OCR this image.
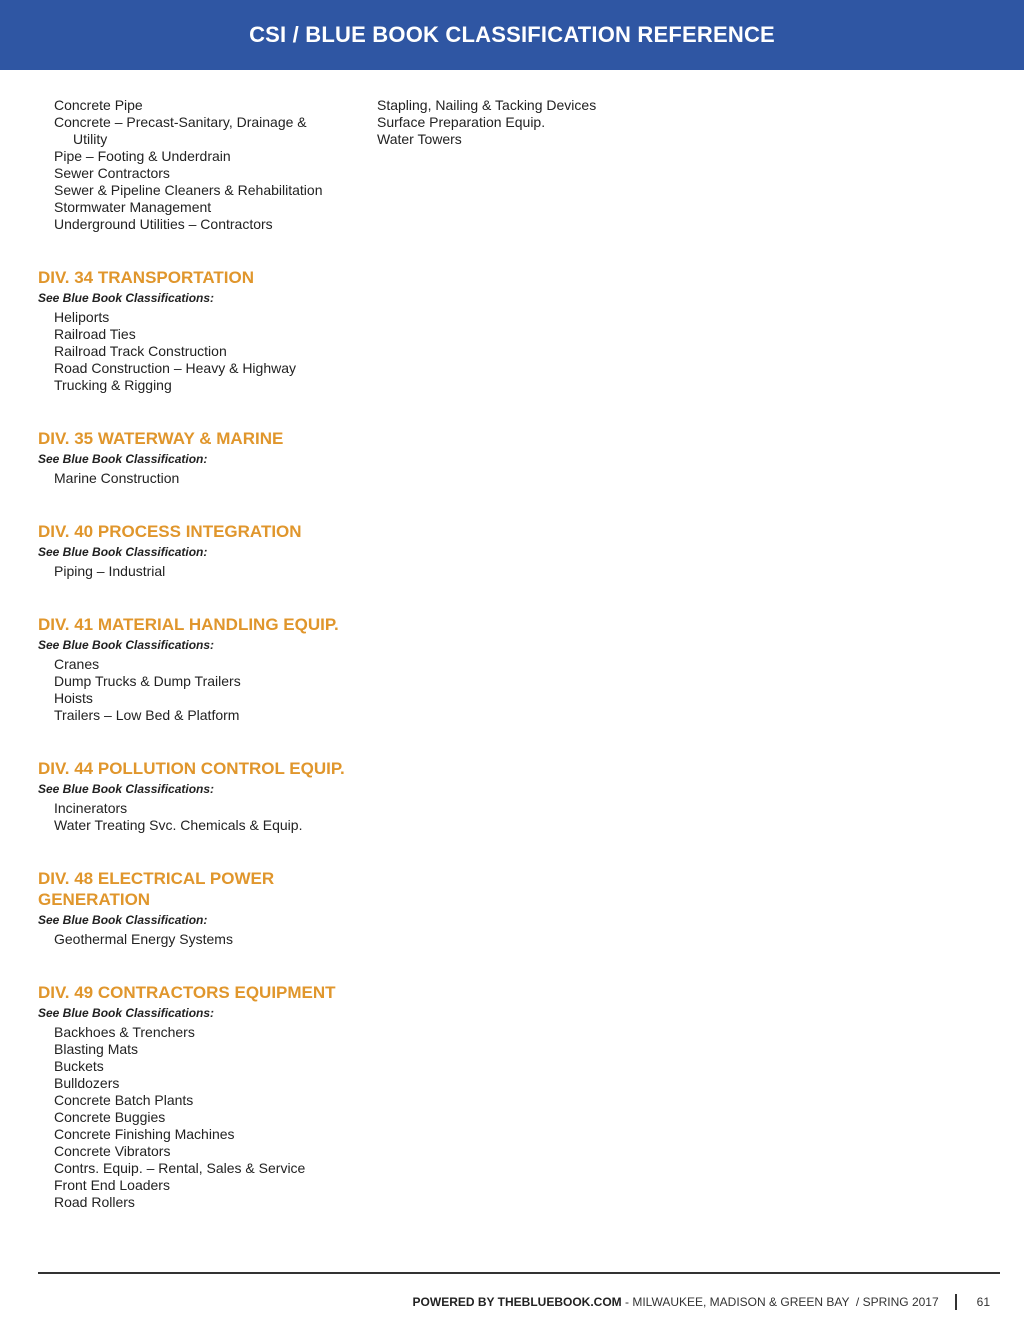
CSI / BLUE BOOK CLASSIFICATION REFERENCE
Concrete Pipe
Concrete – Precast-Sanitary, Drainage &
Utility
Pipe – Footing & Underdrain
Sewer Contractors
Sewer & Pipeline Cleaners & Rehabilitation
Stormwater Management
Underground Utilities – Contractors
DIV. 34 TRANSPORTATION

See Blue Book Classifications:

Heliports
Railroad Ties
Railroad Track Construction
Road Construction – Heavy & Highway
Trucking & Rigging
DIV. 35 WATERWAY & MARINE

See Blue Book Classification:

Marine Construction
DIV. 40 PROCESS INTEGRATION

See Blue Book Classification:

Piping – Industrial
DIV. 41 MATERIAL HANDLING EQUIP.

See Blue Book Classifications:

Cranes
Dump Trucks & Dump Trailers
Hoists
Trailers – Low Bed & Platform
DIV. 44 POLLUTION CONTROL EQUIP.

See Blue Book Classifications:

Incinerators
Water Treating Svc. Chemicals & Equip.
DIV. 48 ELECTRICAL POWER
GENERATION

See Blue Book Classification:

Geothermal Energy Systems
DIV. 49 CONTRACTORS EQUIPMENT

See Blue Book Classifications:

Backhoes & Trenchers
Blasting Mats
Buckets
Bulldozers
Concrete Batch Plants
Concrete Buggies
Concrete Finishing Machines
Concrete Vibrators
Contrs. Equip. – Rental, Sales & Service
Front End Loaders
Road Rollers
Stapling, Nailing & Tacking Devices
Surface Preparation Equip.
Water Towers
POWERED BY THEBLUEBOOK.COM - MILWAUKEE, MADISON & GREEN BAY  / SPRING 2017	61
